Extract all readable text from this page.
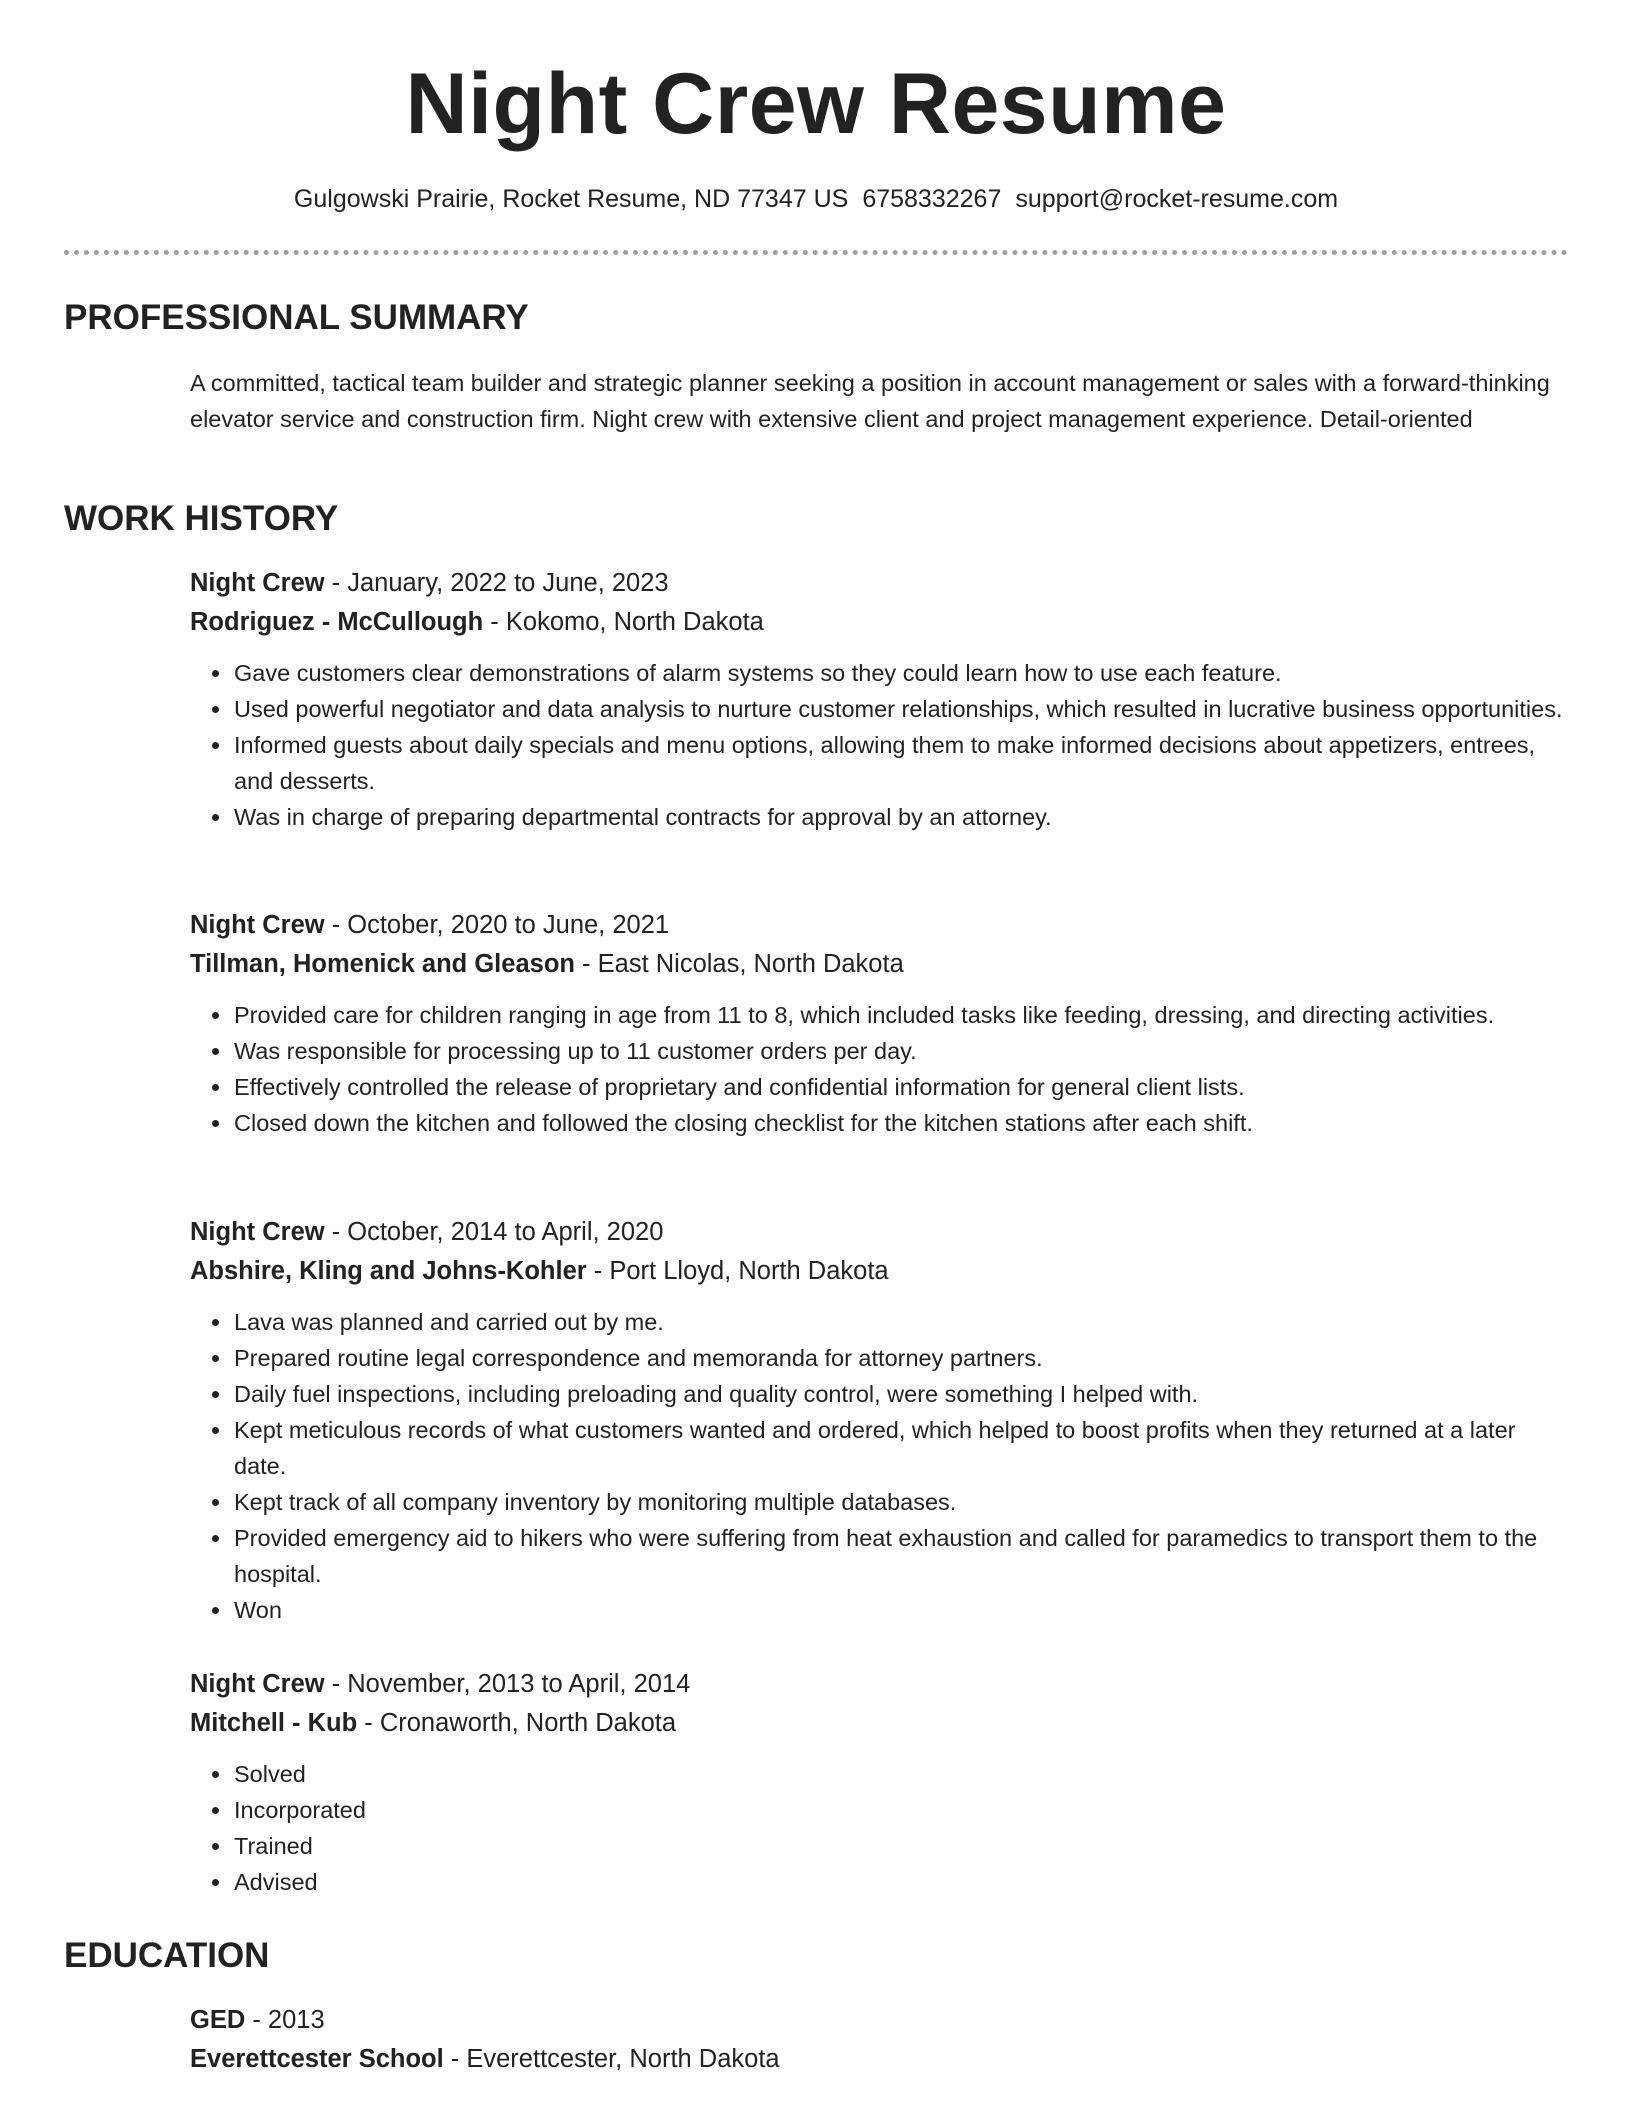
Night Crew Resume
Gulgowski Prairie, Rocket Resume, ND 77347 US 6758332267 support@rocket-resume.com
PROFESSIONAL SUMMARY
A committed, tactical team builder and strategic planner seeking a position in account management or sales with a forward-thinking elevator service and construction firm. Night crew with extensive client and project management experience. Detail-oriented
WORK HISTORY
Night Crew - January, 2022 to June, 2023
Rodriguez - McCullough - Kokomo, North Dakota
• Gave customers clear demonstrations of alarm systems so they could learn how to use each feature.
• Used powerful negotiator and data analysis to nurture customer relationships, which resulted in lucrative business opportunities.
• Informed guests about daily specials and menu options, allowing them to make informed decisions about appetizers, entrees, and desserts.
• Was in charge of preparing departmental contracts for approval by an attorney.
Night Crew - October, 2020 to June, 2021
Tillman, Homenick and Gleason - East Nicolas, North Dakota
• Provided care for children ranging in age from 11 to 8, which included tasks like feeding, dressing, and directing activities.
• Was responsible for processing up to 11 customer orders per day.
• Effectively controlled the release of proprietary and confidential information for general client lists.
• Closed down the kitchen and followed the closing checklist for the kitchen stations after each shift.
Night Crew - October, 2014 to April, 2020
Abshire, Kling and Johns-Kohler - Port Lloyd, North Dakota
• Lava was planned and carried out by me.
• Prepared routine legal correspondence and memoranda for attorney partners.
• Daily fuel inspections, including preloading and quality control, were something I helped with.
• Kept meticulous records of what customers wanted and ordered, which helped to boost profits when they returned at a later date.
• Kept track of all company inventory by monitoring multiple databases.
• Provided emergency aid to hikers who were suffering from heat exhaustion and called for paramedics to transport them to the hospital.
• Won
Night Crew - November, 2013 to April, 2014
Mitchell - Kub - Cronaworth, North Dakota
• Solved
• Incorporated
• Trained
• Advised
EDUCATION
GED - 2013
Everettcester School - Everettcester, North Dakota
